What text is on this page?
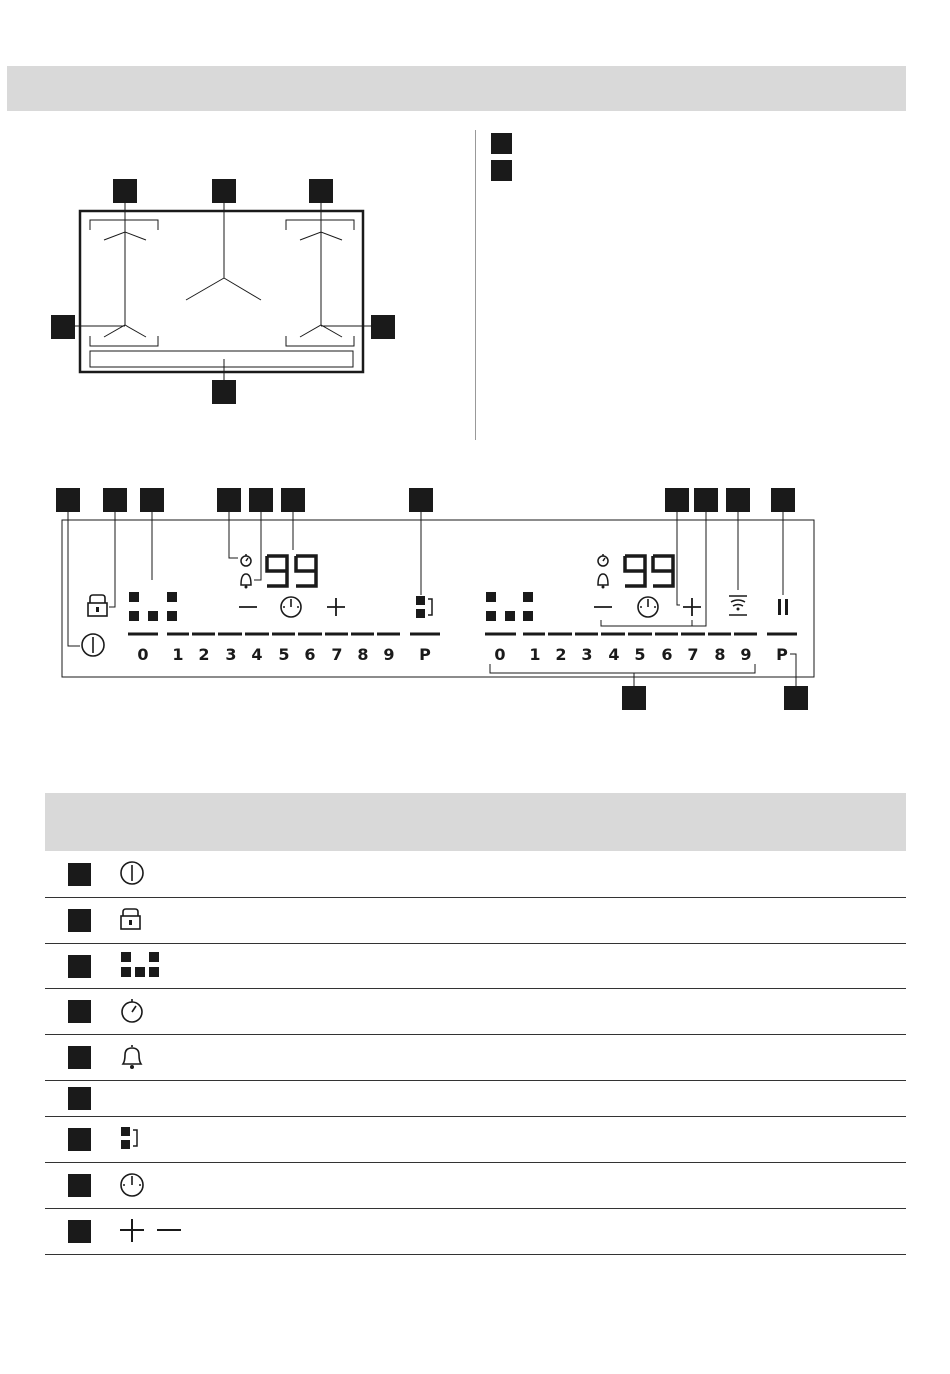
0 1 2 3 4 5 6 7 8 9 P	0 1 2 3 4 5 6 7 8 9 P
